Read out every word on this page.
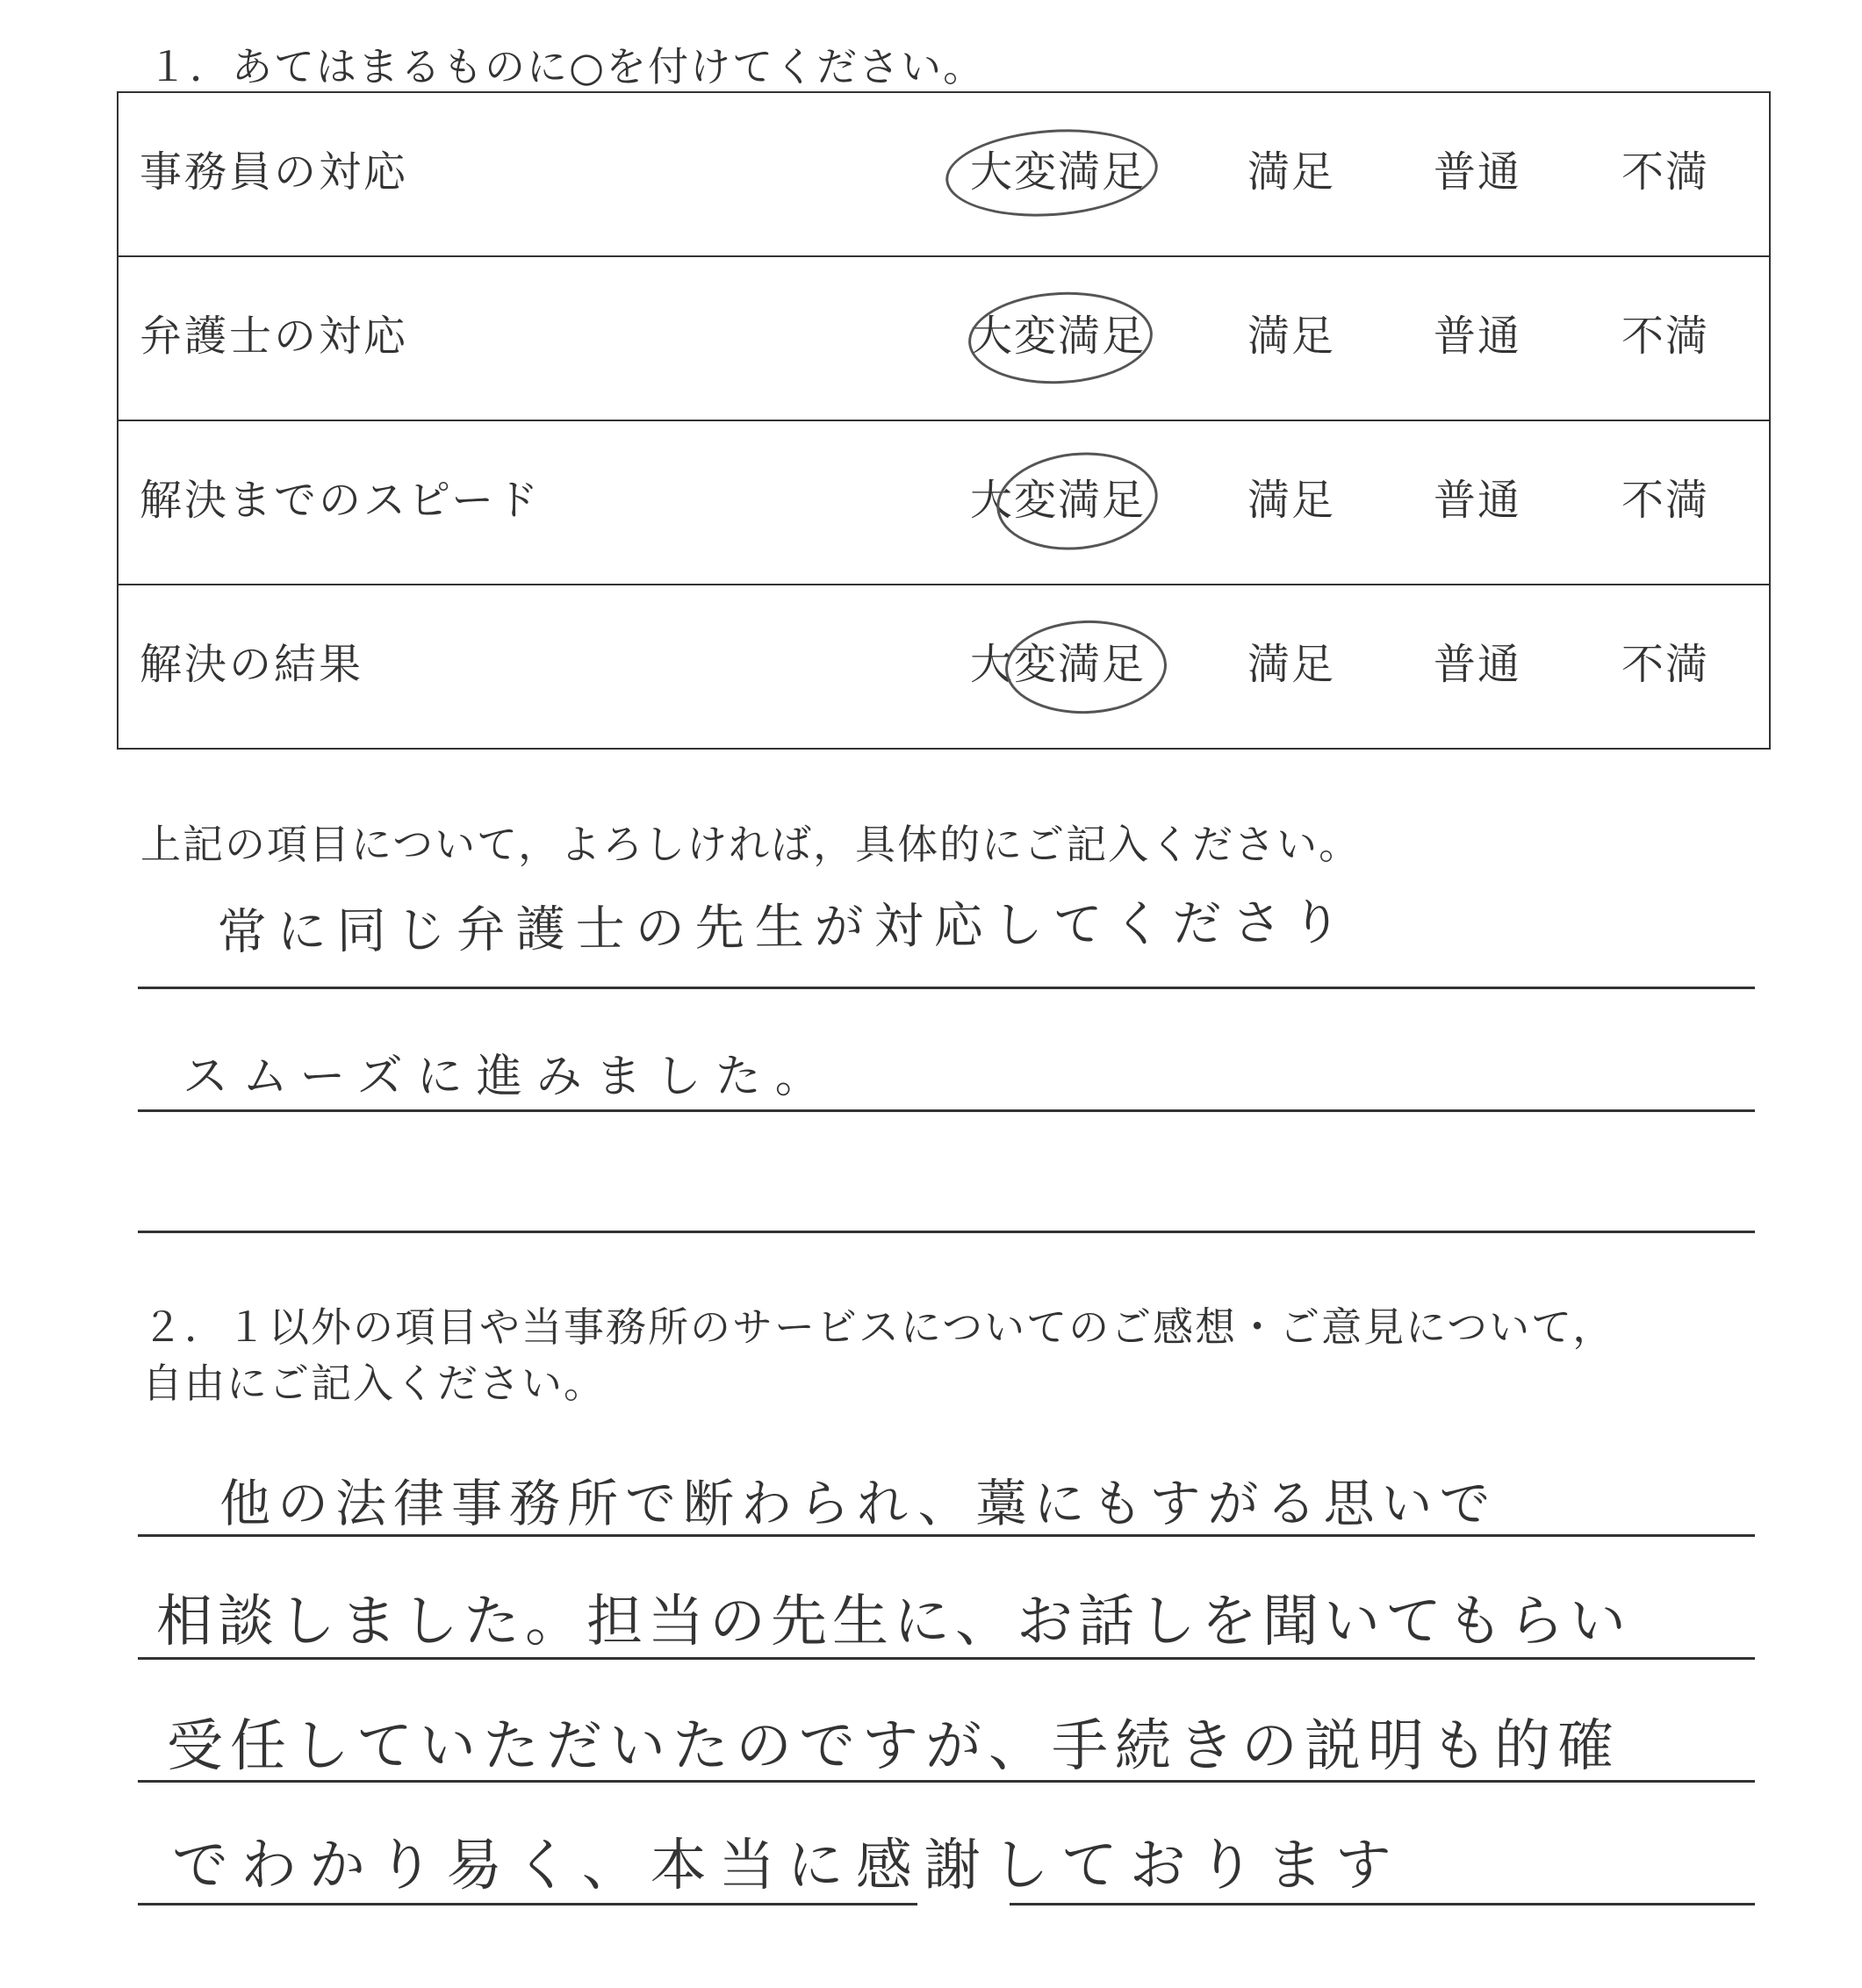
１．あてはまるものに○を付けてください。
事務員の対応	大変満足 満足 普通 不満
弁護士の対応	大変満足 満足 普通 不満
解決までのスピード	大変満足 満足 普通 不満
解決の結果	大変満足 満足 普通 不満
上記の項目について，よろしければ，具体的にご記入ください。
常に同じ弁護士の先生が対応してくださり
スムーズに進みました。
２．１以外の項目や当事務所のサービスについてのご感想・ご意見について，
自由にご記入ください。
他の法律事務所で断わられ、藁にもすがる思いで
相談しました。担当の先生に、お話しを聞いてもらい
受任していただいたのですが、手続きの説明も的確
でわかり易く、本当に感謝しております
